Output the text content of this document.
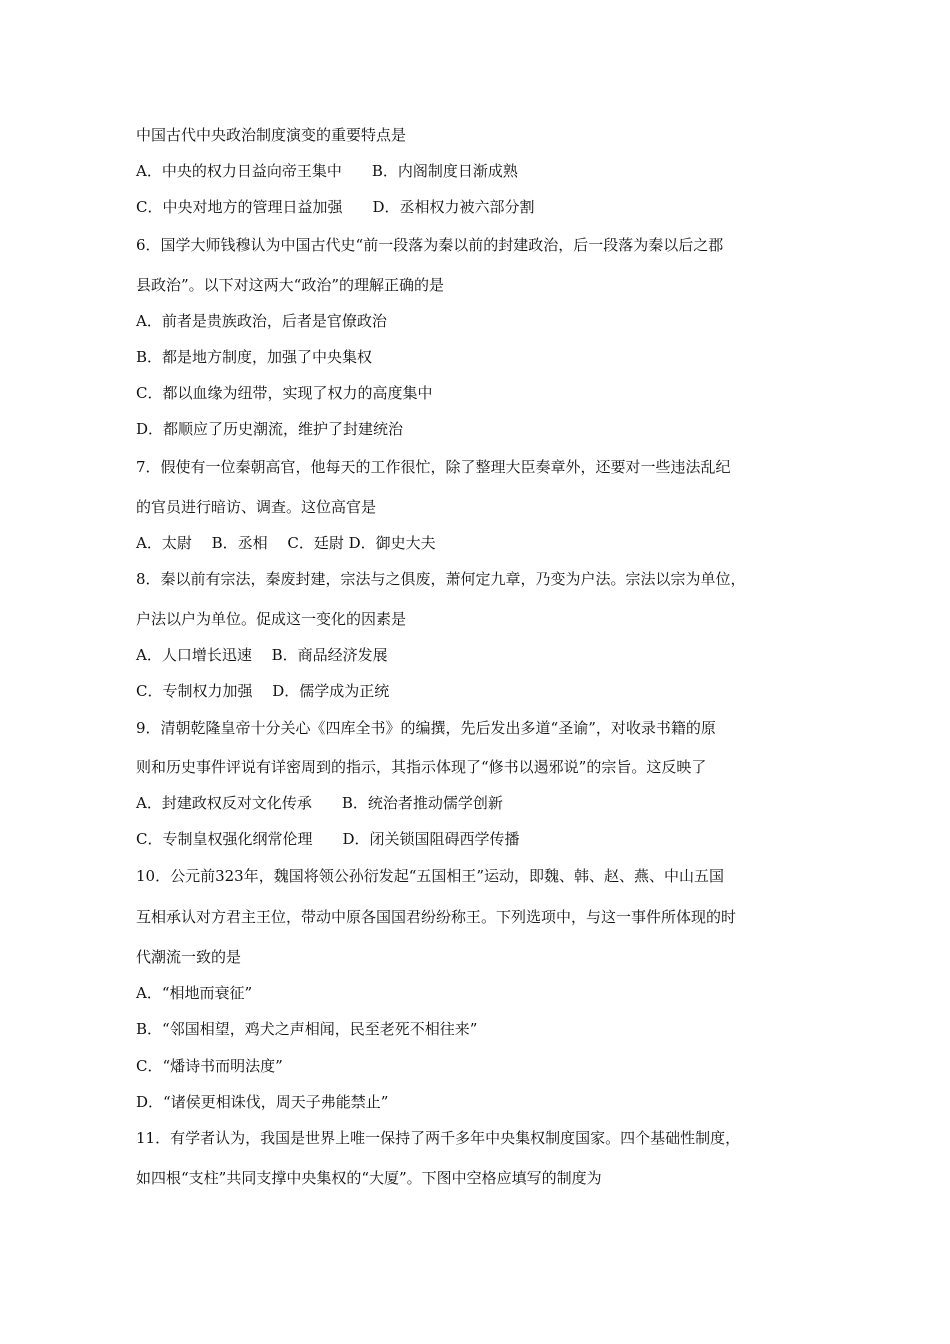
中国古代中央政治制度演变的重要特点是
A．中央的权力日益向帝王集中　　B．内阁制度日渐成熟
C．中央对地方的管理日益加强　　D．丞相权力被六部分割
6．国学大师钱穆认为中国古代史“前一段落为秦以前的封建政治，后一段落为秦以后之郡
县政治”。以下对这两大“政治”的理解正确的是
A．前者是贵族政治，后者是官僚政治
B．都是地方制度，加强了中央集权
C．都以血缘为纽带，实现了权力的高度集中
D．都顺应了历史潮流，维护了封建统治
7．假使有一位秦朝高官，他每天的工作很忙，除了整理大臣奏章外，还要对一些违法乱纪
的官员进行暗访、调查。这位高官是
A．太尉　 B．丞相　 C．廷尉 D．御史大夫
8．秦以前有宗法，秦废封建，宗法与之俱废，萧何定九章，乃变为户法。宗法以宗为单位，
户法以户为单位。促成这一变化的因素是
A．人口增长迅速　 B．商品经济发展
C．专制权力加强　 D．儒学成为正统
9．清朝乾隆皇帝十分关心《四库全书》的编撰，先后发出多道“圣谕”，对收录书籍的原
则和历史事件评说有详密周到的指示，其指示体现了“修书以遏邪说”的宗旨。这反映了
A．封建政权反对文化传承　　B．统治者推动儒学创新
C．专制皇权强化纲常伦理　　D．闭关锁国阻碍西学传播
10．公元前323年，魏国将领公孙衍发起“五国相王”运动，即魏、韩、赵、燕、中山五国
互相承认对方君主王位，带动中原各国国君纷纷称王。下列选项中，与这一事件所体现的时
代潮流一致的是
A．“相地而衰征”
B．“邻国相望，鸡犬之声相闻，民至老死不相往来”
C．“燔诗书而明法度”
D．“诸侯更相诛伐，周天子弗能禁止”
11．有学者认为，我国是世界上唯一保持了两千多年中央集权制度国家。四个基础性制度，
如四根“支柱”共同支撑中央集权的“大厦”。下图中空格应填写的制度为
